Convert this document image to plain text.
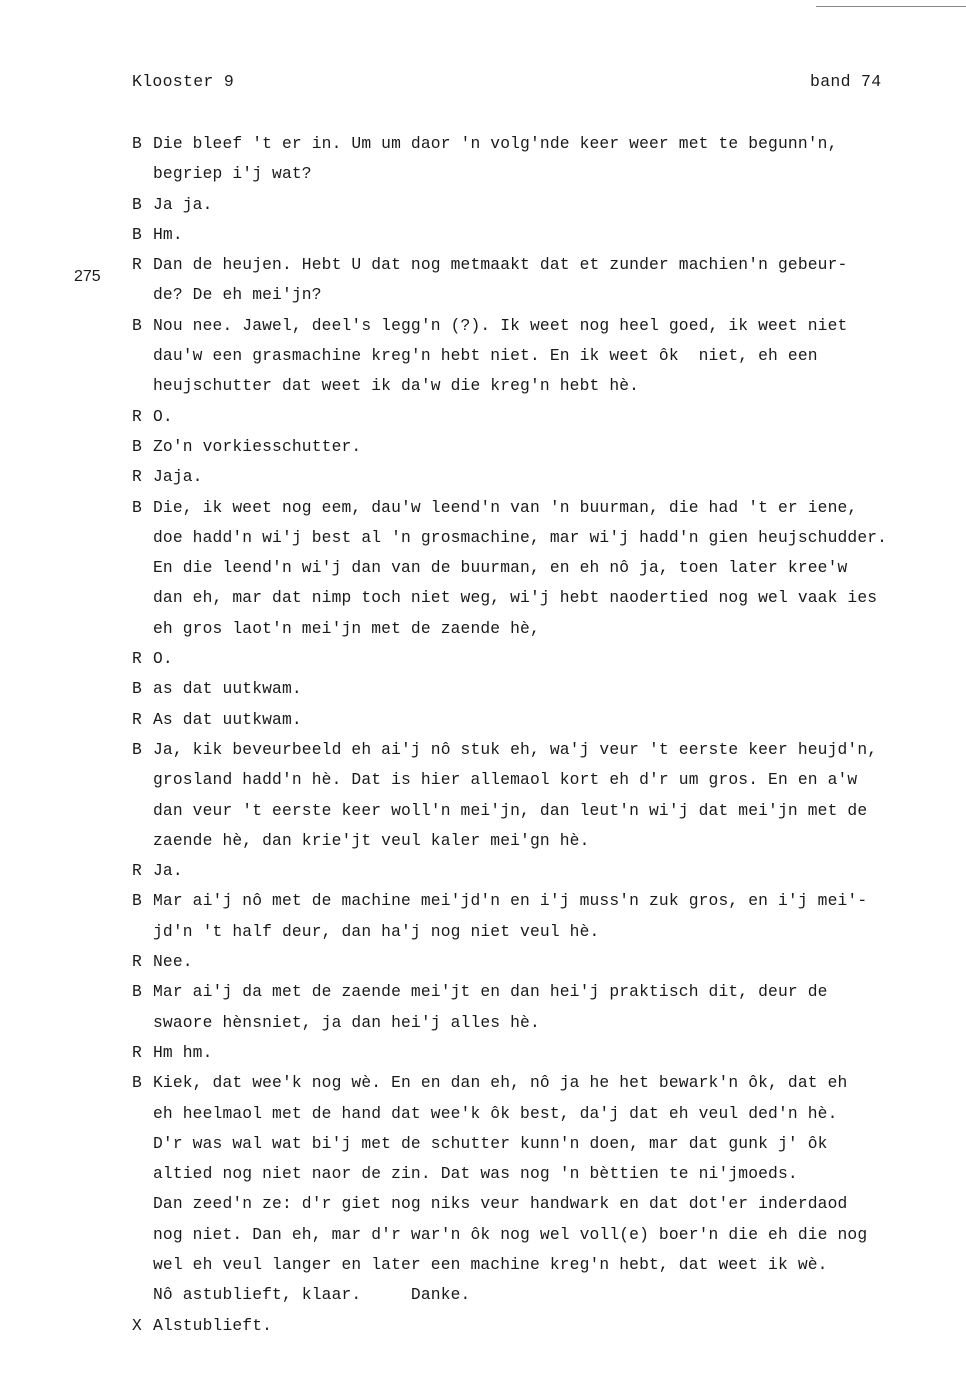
Klooster 9	band 74
275
B Die bleef 't er in. Um um daor 'n volg'nde keer weer met te begunn'n,
begriep i'j wat?
B Ja ja.
B Hm.
R Dan de heujen. Hebt U dat nog metmaakt dat et zunder machien'n gebeur-
de? De eh mei'jn?
B Nou nee. Jawel, deel's legg'n (?). Ik weet nog heel goed, ik weet niet
dau'w een grasmachine kreg'n hebt niet. En ik weet ôk  niet, eh een
heujschutter dat weet ik da'w die kreg'n hebt hè.
R O.
B Zo'n vorkiesschutter.
R Jaja.
B Die, ik weet nog eem, dau'w leend'n van 'n buurman, die had 't er iene,
doe hadd'n wi'j best al 'n grosmachine, mar wi'j hadd'n gien heujschudder.
En die leend'n wi'j dan van de buurman, en eh nô ja, toen later kree'w
dan eh, mar dat nimp toch niet weg, wi'j hebt naodertied nog wel vaak ies
eh gros laot'n mei'jn met de zaende hè,
R O.
B as dat uutkwam.
R As dat uutkwam.
B Ja, kik beveurbeeld eh ai'j nô stuk eh, wa'j veur 't eerste keer heujd'n,
grosland hadd'n hè. Dat is hier allemaol kort eh d'r um gros. En en a'w
dan veur 't eerste keer woll'n mei'jn, dan leut'n wi'j dat mei'jn met de
zaende hè, dan krie'jt veul kaler mei'gn hè.
R Ja.
B Mar ai'j nô met de machine mei'jd'n en i'j muss'n zuk gros, en i'j mei'-
jd'n 't half deur, dan ha'j nog niet veul hè.
R Nee.
B Mar ai'j da met de zaende mei'jt en dan hei'j praktisch dit, deur de
swaore hènsniet, ja dan hei'j alles hè.
R Hm hm.
B Kiek, dat wee'k nog wè. En en dan eh, nô ja he het bewark'n ôk, dat eh
eh heelmaol met de hand dat wee'k ôk best, da'j dat eh veul ded'n hè.
D'r was wal wat bi'j met de schutter kunn'n doen, mar dat gunk j' ôk
altied nog niet naor de zin. Dat was nog 'n bèttien te ni'jmoeds.
Dan zeed'n ze: d'r giet nog niks veur handwark en dat dot'er inderdaod
nog niet. Dan eh, mar d'r war'n ôk nog wel voll(e) boer'n die eh die nog
wel eh veul langer en later een machine kreg'n hebt, dat weet ik wè.
Nô astublieft, klaar.     Danke.
X Alstublieft.
